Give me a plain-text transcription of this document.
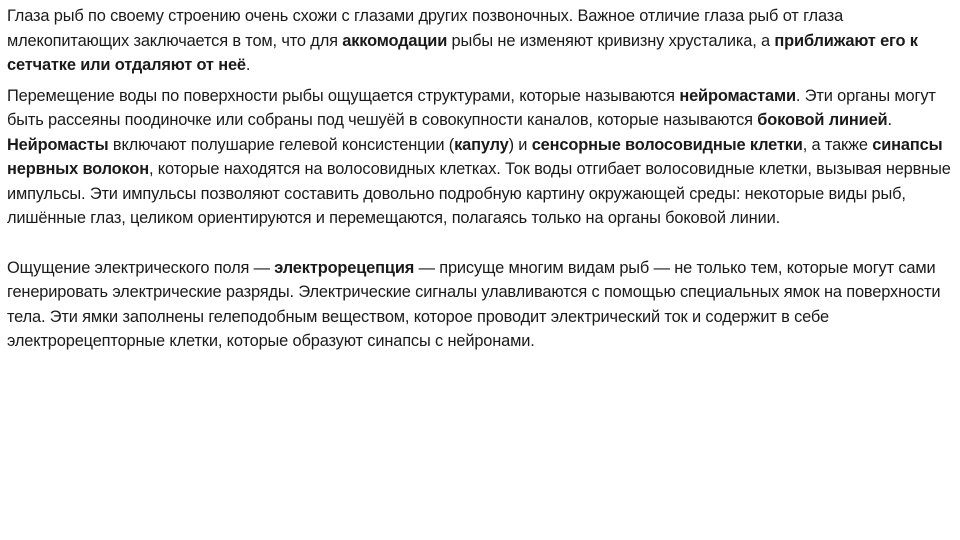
Глаза рыб по своему строению очень схожи с глазами других позвоночных. Важное отличие глаза рыб от глаза млекопитающих заключается в том, что для аккомодации рыбы не изменяют кривизну хрусталика, а приближают его к сетчатке или отдаляют от неё.

Перемещение воды по поверхности рыбы ощущается структурами, которые называются нейромастами. Эти органы могут быть рассеяны поодиночке или собраны под чешуёй в совокупности каналов, которые называются боковой линией. Нейромасты включают полушарие гелевой консистенции (капулу) и сенсорные волосовидные клетки, а также синапсы нервных волокон, которые находятся на волосовидных клетках. Ток воды отгибает волосовидные клетки, вызывая нервные импульсы. Эти импульсы позволяют составить довольно подробную картину окружающей среды: некоторые виды рыб, лишённые глаз, целиком ориентируются и перемещаются, полагаясь только на органы боковой линии.

Ощущение электрического поля — электрорецепция — присуще многим видам рыб — не только тем, которые могут сами генерировать электрические разряды. Электрические сигналы улавливаются с помощью специальных ямок на поверхности тела. Эти ямки заполнены гелеподобным веществом, которое проводит электрический ток и содержит в себе электрорецепторные клетки, которые образуют синапсы с нейронами.
